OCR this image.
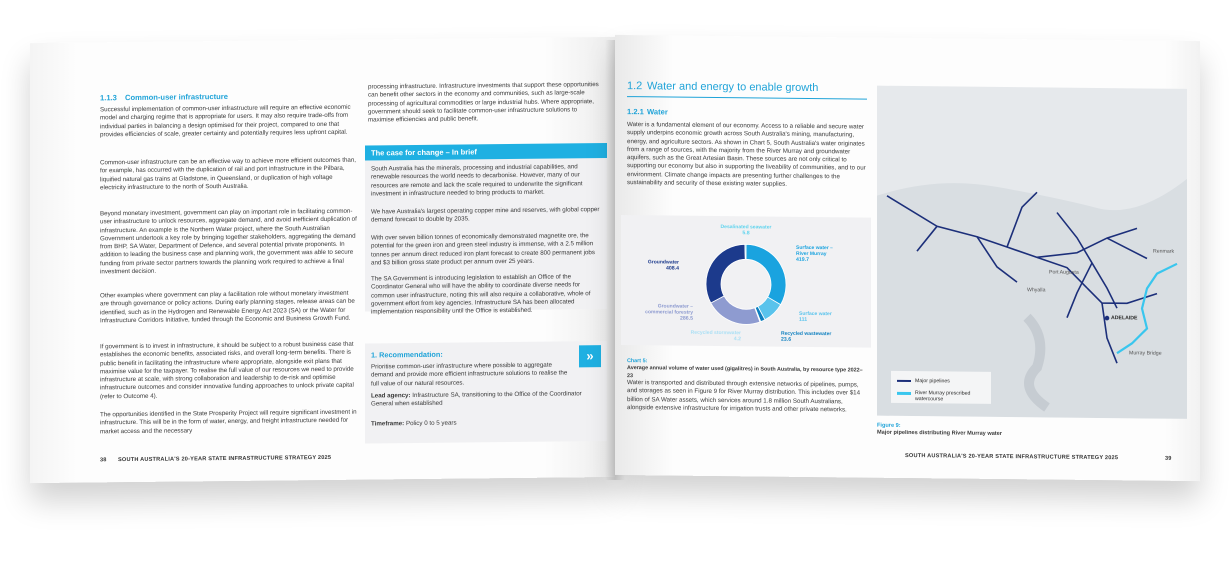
1.1.3 Common-user infrastructure
Successful implementation of common-user infrastructure will require an effective economic model and charging regime that is appropriate for users. It may also require trade-offs from individual parties in balancing a design optimised for their project, compared to one that provides efficiencies of scale, greater certainty and potentially requires less upfront capital.
Common-user infrastructure can be an effective way to achieve more efficient outcomes than, for example, has occurred with the duplication of rail and port infrastructure in the Pilbara, liquified natural gas trains at Gladstone, in Queensland, or duplication of high voltage electricity infrastructure to the north of South Australia.
Beyond monetary investment, government can play on important role in facilitating common-user infrastructure to unlock resources, aggregate demand, and avoid inefficient duplication of infrastructure. An example is the Northern Water project, where the South Australian Government undertook a key role by bringing together stakeholders, aggregating the demand from BHP, SA Water, Department of Defence, and several potential private proponents. In addition to leading the business case and planning work, the government was able to secure funding from private sector partners towards the planning work required to achieve a final investment decision.
Other examples where government can play a facilitation role without monetary investment are through governance or policy actions. During early planning stages, release areas can be identified, such as in the Hydrogen and Renewable Energy Act 2023 (SA) or the Water for Infrastructure Corridors Initiative, funded through the Economic and Business Growth Fund.
If government is to invest in infrastructure, it should be subject to a robust business case that establishes the economic benefits, associated risks, and overall long-term benefits. There is public benefit in facilitating the infrastructure where appropriate, alongside exit plans that maximise value for the taxpayer. To realise the full value of our resources we need to provide infrastructure at scale, with strong collaboration and leadership to de-risk and optimise infrastructure outcomes and consider innovative funding approaches to unlock private capital (refer to Outcome 4).
The opportunities identified in the State Prosperity Project will require significant investment in infrastructure. This will be in the form of water, energy, and freight infrastructure needed for market access and the necessary
processing infrastructure. Infrastructure investments that support these opportunities can benefit other sectors in the economy and communities, such as large-scale processing of agricultural commodities or large industrial hubs. Where appropriate, government should seek to facilitate common-user infrastructure solutions to maximise efficiencies and public benefit.
The case for change – In brief
South Australia has the minerals, processing and industrial capabilities, and renewable resources the world needs to decarbonise. However, many of our resources are remote and lack the scale required to underwrite the significant investment in infrastructure needed to bring products to market.
We have Australia's largest operating copper mine and reserves, with global copper demand forecast to double by 2035.
With over seven billion tonnes of economically demonstrated magnetite ore, the potential for the green iron and green steel industry is immense, with a 2.5 million tonnes per annum direct reduced iron plant forecast to create 800 permanent jobs and $3 billion gross state product per annum over 25 years.
The SA Government is introducing legislation to establish an Office of the Coordinator General who will have the ability to coordinate diverse needs for common user infrastructure, noting this will also require a collaborative, whole of government effort from key agencies. Infrastructure SA has been allocated implementation responsibility until the Office is established.
1. Recommendation:	»
Prioritise common-user infrastructure where possible to aggregate demand and provide more efficient infrastructure solutions to realise the full value of our natural resources.
Lead agency: Infrastructure SA, transitioning to the Office of the Coordinator General when established
Timeframe: Policy 0 to 5 years
38 SOUTH AUSTRALIA'S 20-YEAR STATE INFRASTRUCTURE STRATEGY 2025
1.2 Water and energy to enable growth
1.2.1 Water
Water is a fundamental element of our economy. Access to a reliable and secure water supply underpins economic growth across South Australia's mining, manufacturing, energy, and agriculture sectors. As shown in Chart 5, South Australia's water originates from a range of sources, with the majority from the River Murray and groundwater aquifers, such as the Great Artesian Basin. These sources are not only critical to supporting our economy but also in supporting the liveability of communities, and to our environment. Climate change impacts are presenting further challenges to the sustainability and security of these existing water supplies.
Surface water –
River Murray
419.7
Surface water
111
Recycled wastewater
23.6
Recycled stormwater
4.2
Groundwater –
commercial forestry
286.5
Groundwater
408.4
Desalinated seawater
5.8
Chart 5:
Average annual volume of water used (gigalitres) in South Australia, by resource type 2022–23
Water is transported and distributed through extensive networks of pipelines, pumps, and storages as seen in Figure 9 for River Murray distribution. This includes over $14 billion of SA Water assets, which services around 1.8 million South Australians, alongside extensive infrastructure for irrigation trusts and other private networks.
ADELAIDE
Port Augusta
Whyalla
Murray Bridge
Renmark
Major pipelines
River Murray prescribed watercourse
Figure 9:
Major pipelines distributing River Murray water
SOUTH AUSTRALIA'S 20-YEAR STATE INFRASTRUCTURE STRATEGY 2025	39
